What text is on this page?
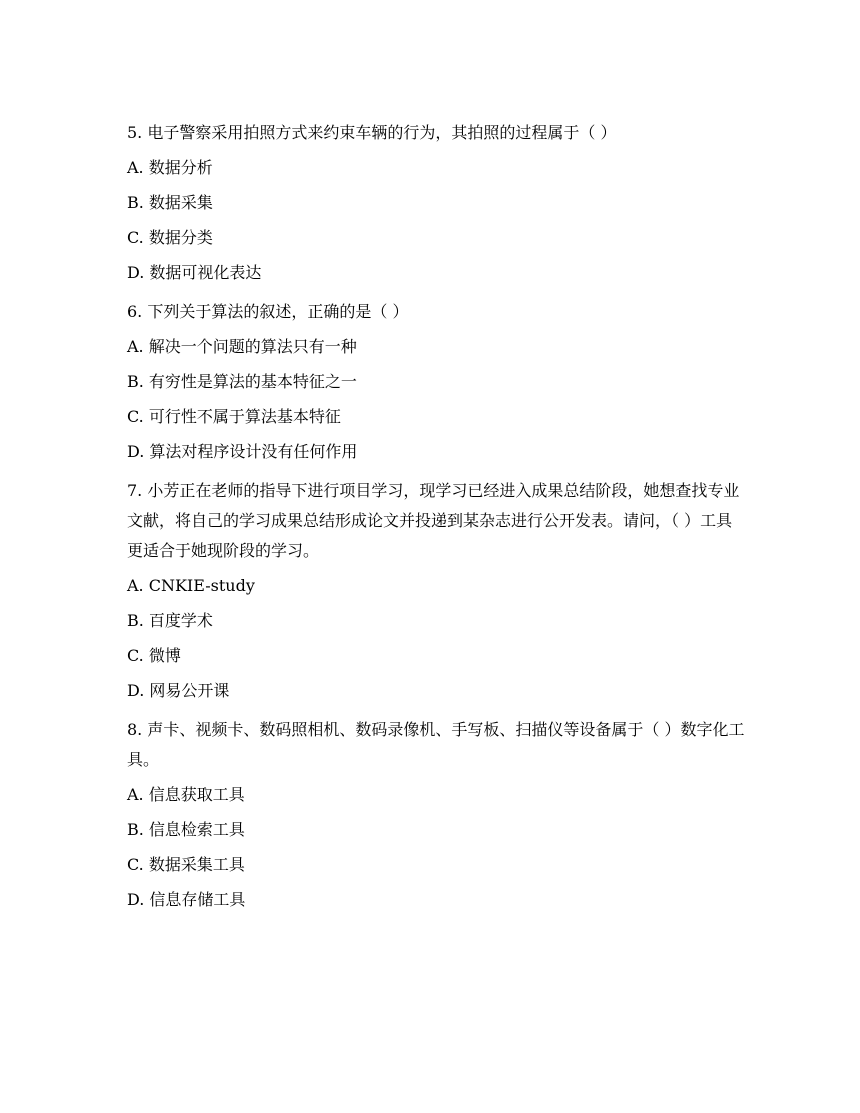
5. 电子警察采用拍照方式来约束车辆的行为，其拍照的过程属于（ ）

A. 数据分析

B. 数据采集

C. 数据分类

D. 数据可视化表达

6. 下列关于算法的叙述，正确的是（ ）

A. 解决一个问题的算法只有一种

B. 有穷性是算法的基本特征之一

C. 可行性不属于算法基本特征

D. 算法对程序设计没有任何作用

7. 小芳正在老师的指导下进行项目学习，现学习已经进入成果总结阶段，她想查找专业文献，将自己的学习成果总结形成论文并投递到某杂志进行公开发表。请问，（ ）工具更适合于她现阶段的学习。

A. CNKIE-study

B. 百度学术

C. 微博

D. 网易公开课

8. 声卡、视频卡、数码照相机、数码录像机、手写板、扫描仪等设备属于（ ）数字化工具。

A. 信息获取工具

B. 信息检索工具

C. 数据采集工具

D. 信息存储工具
